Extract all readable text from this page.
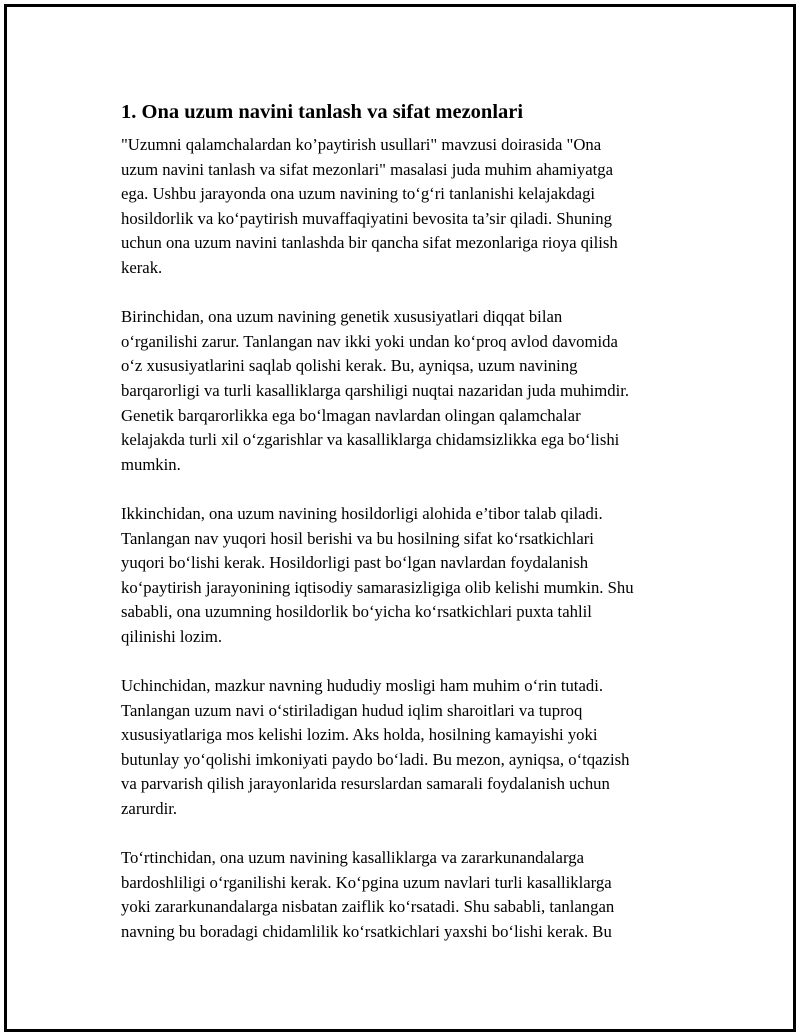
1. Ona uzum navini tanlash va sifat mezonlari

"Uzumni qalamchalardan ko’paytirish usullari" mavzusi doirasida "Ona
uzum navini tanlash va sifat mezonlari" masalasi juda muhim ahamiyatga
ega. Ushbu jarayonda ona uzum navining to‘g‘ri tanlanishi kelajakdagi
hosildorlik va ko‘paytirish muvaffaqiyatini bevosita ta’sir qiladi. Shuning
uchun ona uzum navini tanlashda bir qancha sifat mezonlariga rioya qilish
kerak.

Birinchidan, ona uzum navining genetik xususiyatlari diqqat bilan
o‘rganilishi zarur. Tanlangan nav ikki yoki undan ko‘proq avlod davomida
o‘z xususiyatlarini saqlab qolishi kerak. Bu, ayniqsa, uzum navining
barqarorligi va turli kasalliklarga qarshiligi nuqtai nazaridan juda muhimdir.
Genetik barqarorlikka ega bo‘lmagan navlardan olingan qalamchalar
kelajakda turli xil o‘zgarishlar va kasalliklarga chidamsizlikka ega bo‘lishi
mumkin.

Ikkinchidan, ona uzum navining hosildorligi alohida e’tibor talab qiladi.
Tanlangan nav yuqori hosil berishi va bu hosilning sifat ko‘rsatkichlari
yuqori bo‘lishi kerak. Hosildorligi past bo‘lgan navlardan foydalanish
ko‘paytirish jarayonining iqtisodiy samarasizligiga olib kelishi mumkin. Shu
sababli, ona uzumning hosildorlik bo‘yicha ko‘rsatkichlari puxta tahlil
qilinishi lozim.

Uchinchidan, mazkur navning hududiy mosligi ham muhim o‘rin tutadi.
Tanlangan uzum navi o‘stiriladigan hudud iqlim sharoitlari va tuproq
xususiyatlariga mos kelishi lozim. Aks holda, hosilning kamayishi yoki
butunlay yo‘qolishi imkoniyati paydo bo‘ladi. Bu mezon, ayniqsa, o‘tqazish
va parvarish qilish jarayonlarida resurslardan samarali foydalanish uchun
zarurdir.

To‘rtinchidan, ona uzum navining kasalliklarga va zararkunandalarga
bardoshliligi o‘rganilishi kerak. Ko‘pgina uzum navlari turli kasalliklarga
yoki zararkunandalarga nisbatan zaiflik ko‘rsatadi. Shu sababli, tanlangan
navning bu boradagi chidamlilik ko‘rsatkichlari yaxshi bo‘lishi kerak. Bu
